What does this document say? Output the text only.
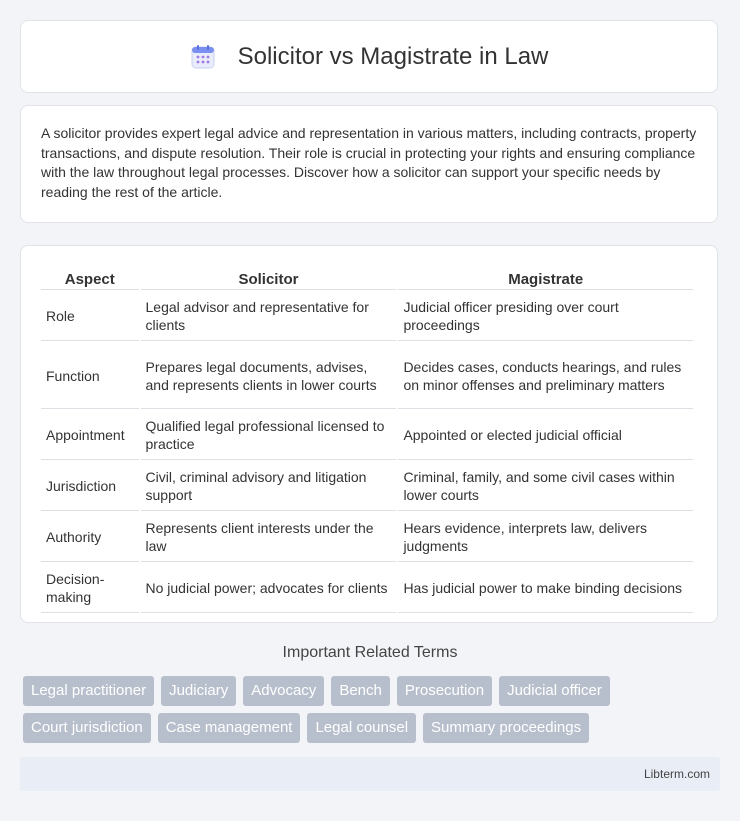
Solicitor vs Magistrate in Law

A solicitor provides expert legal advice and representation in various matters, including contracts, property transactions, and dispute resolution. Their role is crucial in protecting your rights and ensuring compliance with the law throughout legal processes. Discover how a solicitor can support your specific needs by reading the rest of the article.

Aspect	Solicitor	Magistrate
Role	Legal advisor and representative for clients	Judicial officer presiding over court proceedings
Function	Prepares legal documents, advises, and represents clients in lower courts	Decides cases, conducts hearings, and rules on minor offenses and preliminary matters
Appointment	Qualified legal professional licensed to practice	Appointed or elected judicial official
Jurisdiction	Civil, criminal advisory and litigation support	Criminal, family, and some civil cases within lower courts
Authority	Represents client interests under the law	Hears evidence, interprets law, delivers judgments
Decision-making	No judicial power; advocates for clients	Has judicial power to make binding decisions
Important Related Terms
Legal practitioner	Judiciary	Advocacy	Bench	Prosecution	Judicial officer
Court jurisdiction	Case management	Legal counsel	Summary proceedings
Libterm.com
